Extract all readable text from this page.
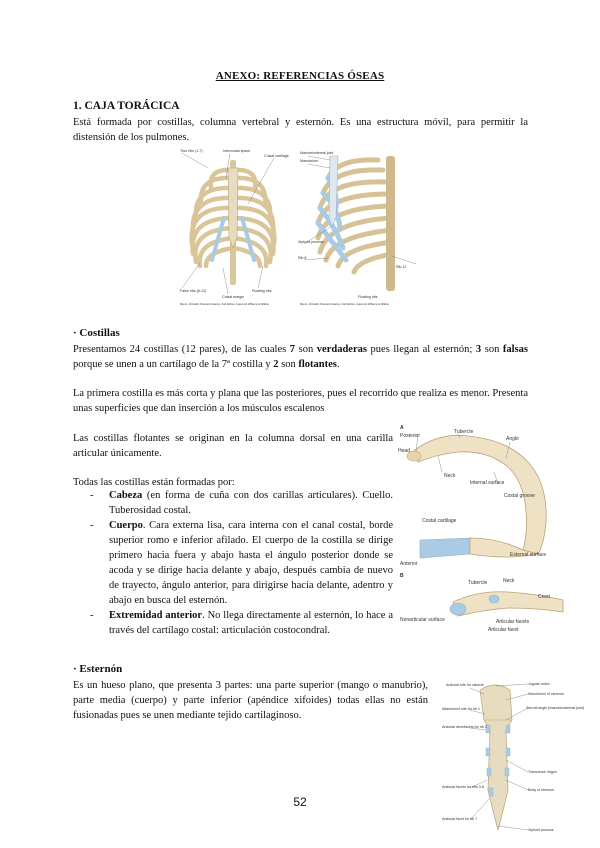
ANEXO: REFERENCIAS ÓSEAS
1. CAJA TORÁCICA
Está formada por costillas, columna vertebral y esternón. Es una estructura móvil, para permitir la distensión de los pulmones.
True ribs (1-7)	Intercostal space
Costal cartilage
False ribs (8-12)	Floating ribs
Costal margin
Moore. Clinically Oriented Anatomy, 2nd Edition. Lippincott Williams & Wilkins
Manubriosternal joint
Manubrium
Xiphoid process
Rib 8
Rib 12
Floating ribs
Moore. Clinically Oriented Anatomy, 2nd Edition. Lippincott Williams & Wilkins
· Costillas
Presentamos 24 costillas (12 pares), de las cuales 7 son verdaderas pues llegan al esternón; 3 son falsas porque se unen a un cartílago de la 7ª costilla y 2 son flotantes.
La primera costilla es más corta y plana que las posteriores, pues el recorrido que realiza es menor. Presenta unas superficies que dan inserción a los músculos escalenos
Las costillas flotantes se originan en la columna dorsal en una carilla articular únicamente.
Todas las costillas están formadas por:
- Cabeza (en forma de cuña con dos carillas articulares). Cuello. Tuberosidad costal.
- Cuerpo. Cara externa lisa, cara interna con el canal costal, borde superior romo e inferior afilado. El cuerpo de la costilla se dirige primero hacia fuera y abajo hasta el ángulo posterior donde se acoda y se dirige hacia delante y abajo, después cambia de nuevo de trayecto, ángulo anterior, para dirigirse hacia delante, adentro y abajo en busca del esternón.
- Extremidad anterior. No llega directamente al esternón, lo hace a través del cartílago costal: articulación costocondral.
A
Posterior
Tubercle
Angle
Head
Neck
Internal surface
Costal groove
Costal cartilage
External surface
Anterior
B
Tubercle	Neck
Crest
Nonarticular surface	Articular facets
Articular facet
· Esternón
Es un hueso plano, que presenta 3 partes: una parte superior (mango o manubrio), parte media (cuerpo) y parte inferior (apéndice xifoides) todas ellas no están fusionadas pues se unen mediante tejido cartilaginoso.
Articular site for clavicle	Jugular notch
Manubrium of sternum
Sternal angle (manubriosternal joint)
Attachment site for rib 1
Articular demifacets for rib 2
Transverse ridges
Body of sternum
Articular facets for ribs 3-6
Articular facet for rib 7
Xiphoid process
52
